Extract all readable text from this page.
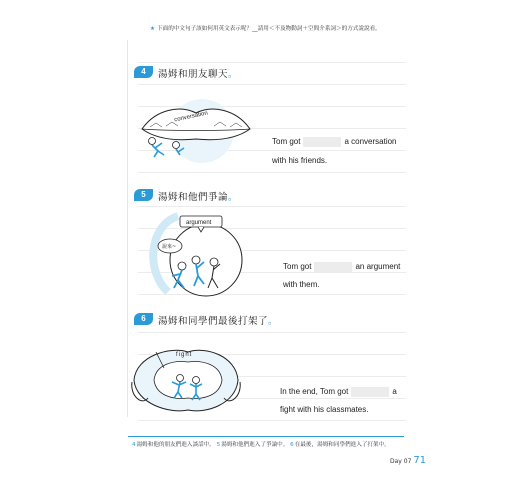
★ 下面的中文句子該如何用英文表示呢？__請用＜不及物動詞＋空間介系詞＞的方式說說看。
4	湯姆和朋友聊天。
conversation
Tom got	a conversation
with his friends.
5	湯姆和他們爭論。
argument
說來~
Tom got	an argument
with them.
6	湯姆和同學們最後打架了。
fight
In the end, Tom got	a
fight with his classmates.
4湯姆和他的朋友們進入談話中。 5湯姆和他們進入了爭論中。 6在最後，湯姆和同學們進入了打架中。
Day 07 71
